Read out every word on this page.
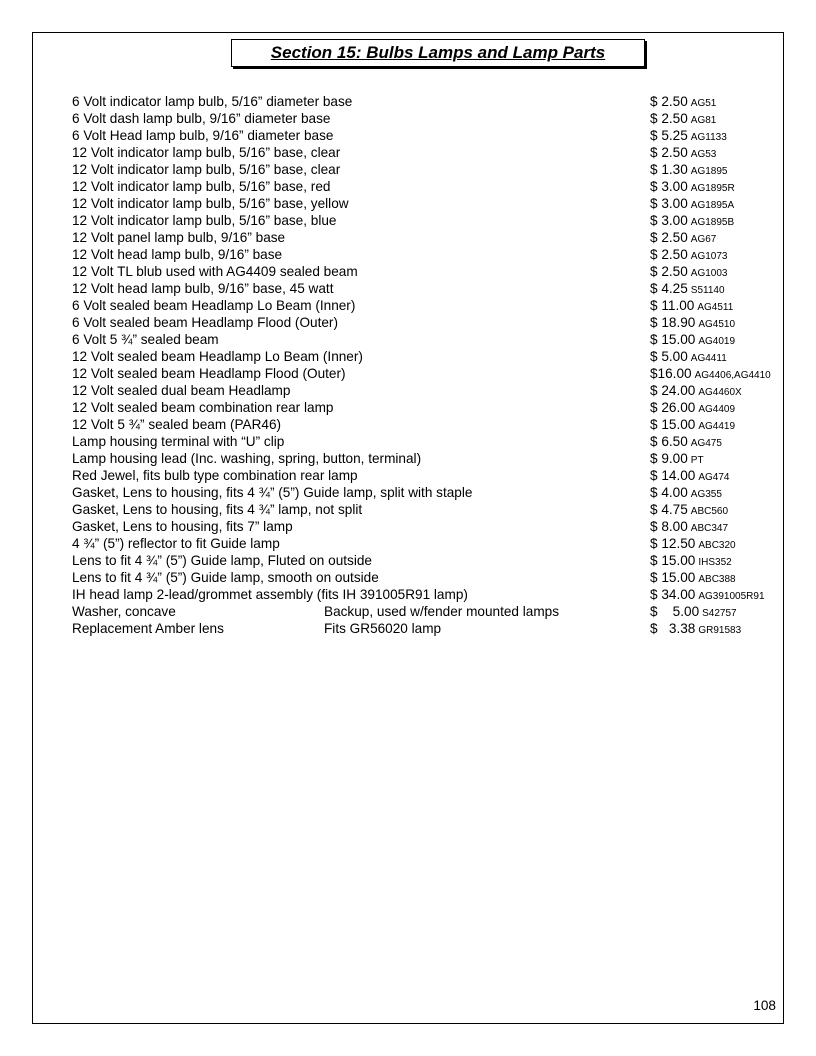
Section 15: Bulbs Lamps and Lamp Parts
6 Volt indicator lamp bulb, 5/16” diameter base	$ 2.50 AG51
6 Volt dash lamp bulb, 9/16” diameter base	$ 2.50 AG81
6 Volt Head lamp bulb, 9/16” diameter base	$ 5.25 AG1133
12 Volt indicator lamp bulb, 5/16” base, clear	$ 2.50 AG53
12 Volt indicator lamp bulb, 5/16” base, clear	$ 1.30 AG1895
12 Volt indicator lamp bulb, 5/16” base, red	$ 3.00 AG1895R
12 Volt indicator lamp bulb, 5/16” base, yellow	$ 3.00 AG1895A
12 Volt indicator lamp bulb, 5/16” base, blue	$ 3.00 AG1895B
12 Volt panel lamp bulb, 9/16” base	$ 2.50 AG67
12 Volt head lamp bulb, 9/16” base	$ 2.50 AG1073
12 Volt TL blub used with AG4409 sealed beam	$ 2.50 AG1003
12 Volt head lamp bulb, 9/16” base, 45 watt	$ 4.25 S51140
6 Volt sealed beam Headlamp Lo Beam (Inner)	$ 11.00 AG4511
6 Volt sealed beam Headlamp Flood (Outer)	$ 18.90 AG4510
6 Volt 5 ¾” sealed beam	$ 15.00 AG4019
12 Volt sealed beam Headlamp Lo Beam (Inner)	$ 5.00 AG4411
12 Volt sealed beam Headlamp Flood (Outer)	$16.00 AG4406,AG4410
12 Volt sealed dual beam Headlamp	$ 24.00 AG4460X
12 Volt sealed beam combination rear lamp	$ 26.00 AG4409
12 Volt 5 ¾” sealed beam (PAR46)	$ 15.00 AG4419
Lamp housing terminal with “U” clip	$ 6.50 AG475
Lamp housing lead (Inc. washing, spring, button, terminal)	$ 9.00 PT
Red Jewel, fits bulb type combination rear lamp	$ 14.00 AG474
Gasket, Lens to housing, fits 4 ¾” (5”) Guide lamp, split with staple	$ 4.00 AG355
Gasket, Lens to housing, fits 4 ¾” lamp, not split	$ 4.75 ABC560
Gasket, Lens to housing, fits 7” lamp	$ 8.00 ABC347
4 ¾” (5”) reflector to fit Guide lamp	$ 12.50 ABC320
Lens to fit 4 ¾” (5”) Guide lamp, Fluted on outside	$ 15.00 IHS352
Lens to fit 4 ¾” (5”) Guide lamp, smooth on outside	$ 15.00 ABC388
IH head lamp 2-lead/grommet assembly (fits IH 391005R91 lamp)	$ 34.00 AG391005R91
Washer, concave	Backup, used w/fender mounted lamps	$    5.00 S42757
Replacement Amber lens	Fits GR56020 lamp	$   3.38 GR91583
108
